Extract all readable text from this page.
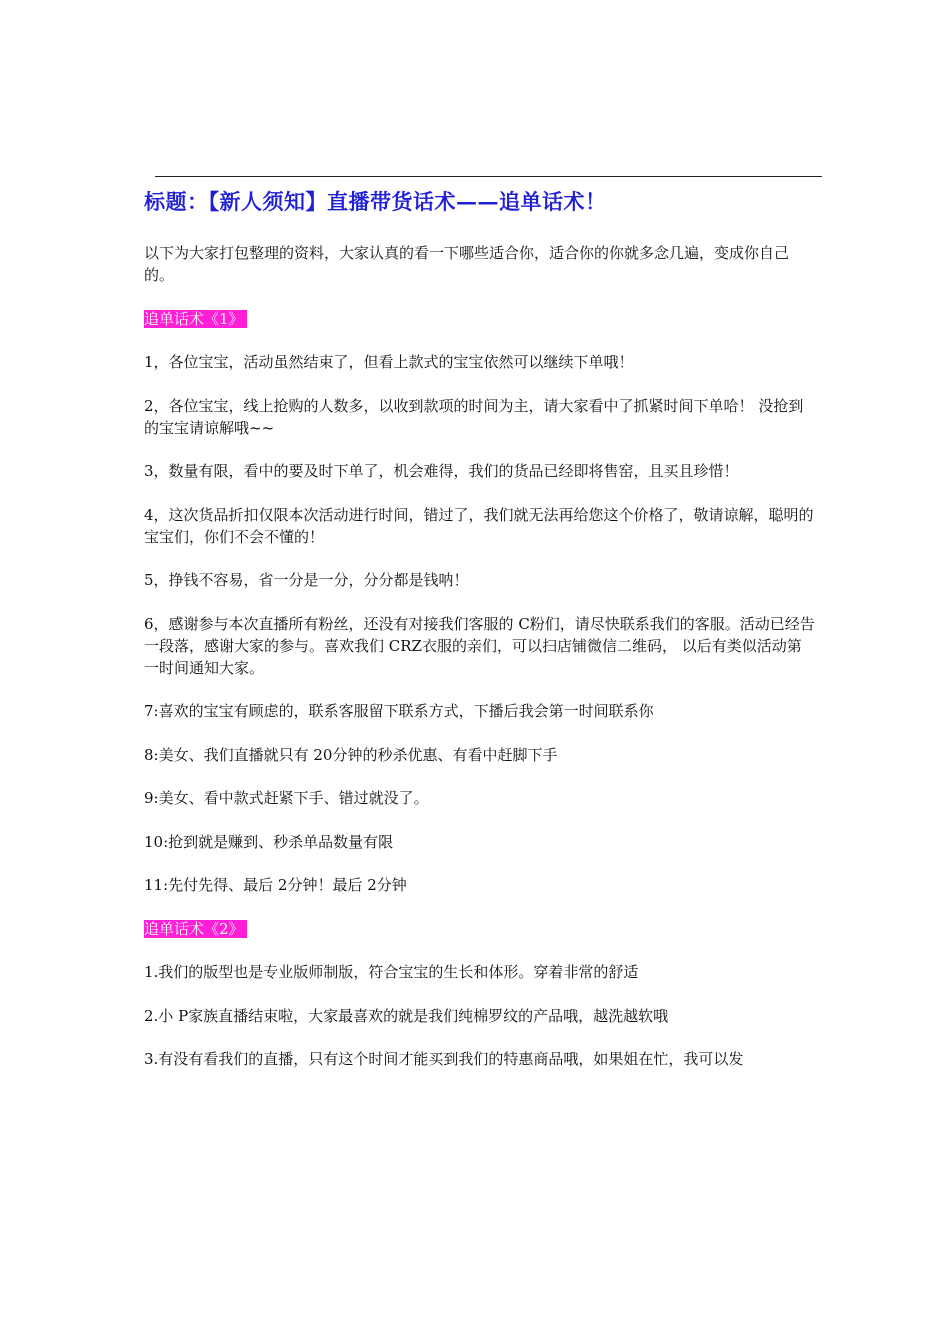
标题：【新人须知】直播带货话术——追单话术！

以下为大家打包整理的资料，大家认真的看一下哪些适合你，适合你的你就多念几遍，变成你自己的。

追单话术《1》

1，各位宝宝，活动虽然结束了，但看上款式的宝宝依然可以继续下单哦！

2，各位宝宝，线上抢购的人数多，以收到款项的时间为主，请大家看中了抓紧时间下单哈！ 没抢到的宝宝请谅解哦~~

3，数量有限，看中的要及时下单了，机会难得，我们的货品已经即将售窑，且买且珍惜！

4，这次货品折扣仅限本次活动进行时间，错过了，我们就无法再给您这个价格了，敬请谅解，聪明的宝宝们，你们不会不懂的！

5，挣钱不容易，省一分是一分，分分都是钱呐！

6，感谢参与本次直播所有粉丝，还没有对接我们客服的 C粉们，请尽快联系我们的客服。活动已经告一段落，感谢大家的参与。喜欢我们 CRZ衣服的亲们，可以扫店铺微信二维码， 以后有类似活动第一时间通知大家。

7:喜欢的宝宝有顾虑的，联系客服留下联系方式，下播后我会第一时间联系你

8:美女、我们直播就只有 20分钟的秒杀优惠、有看中赶脚下手

9:美女、看中款式赶紧下手、错过就没了。

10:抢到就是赚到、秒杀单品数量有限

11:先付先得、最后 2分钟！最后 2分钟

追单话术《2》

1.我们的版型也是专业版师制版，符合宝宝的生长和体形。穿着非常的舒适

2.小 P家族直播结束啦，大家最喜欢的就是我们纯棉罗纹的产品哦，越洗越软哦

3.有没有看我们的直播，只有这个时间才能买到我们的特惠商品哦，如果姐在忙，我可以发
